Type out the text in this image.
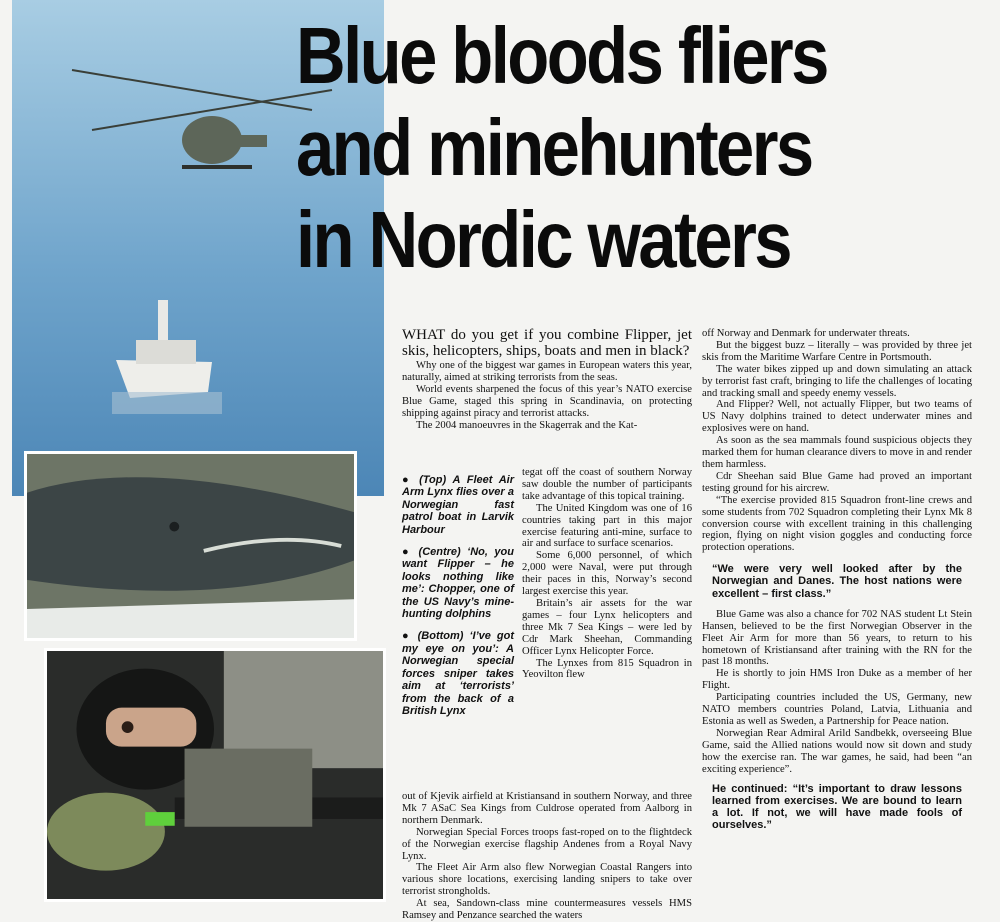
Blue bloods fliers
and minehunters
in Nordic waters

WHAT do you get if you combine Flipper, jet skis, helicopters, ships, boats and men in black?

Why one of the biggest war games in European waters this year, naturally, aimed at striking terrorists from the seas.

World events sharpened the focus of this year’s NATO exercise Blue Game, staged this spring in Scandinavia, on protecting shipping against piracy and terrorist attacks.

The 2004 manoeuvres in the Skagerrak and the Kat-

● (Top) A Fleet Air Arm Lynx flies over a Norwegian fast patrol boat in Larvik Harbour

● (Centre) ‘No, you want Flipper – he looks nothing like me’: Chopper, one of the US Navy’s mine-hunting dolphins

● (Bottom) ‘I’ve got my eye on you’: A Norwegian special forces sniper takes aim at ‘terrorists’ from the back of a British Lynx

tegat off the coast of southern Norway saw double the number of participants take advantage of this topical training.

The United Kingdom was one of 16 countries taking part in this major exercise featuring anti-mine, surface to air and surface to surface scenarios.

Some 6,000 personnel, of which 2,000 were Naval, were put through their paces in this, Norway’s second largest exercise this year.

Britain’s air assets for the war games – four Lynx helicopters and three Mk 7 Sea Kings – were led by Cdr Mark Sheehan, Commanding Officer Lynx Helicopter Force.

The Lynxes from 815 Squadron in Yeovilton flew

out of Kjevik airfield at Kristiansand in southern Norway, and three Mk 7 ASaC Sea Kings from Culdrose operated from Aalborg in northern Denmark.

Norwegian Special Forces troops fast-roped on to the flightdeck of the Norwegian exercise flagship Andenes from a Royal Navy Lynx.

The Fleet Air Arm also flew Norwegian Coastal Rangers into various shore locations, exercising landing snipers to take over terrorist strongholds.

At sea, Sandown-class mine countermeasures vessels HMS Ramsey and Penzance searched the waters

off Norway and Denmark for underwater threats.

But the biggest buzz – literally – was provided by three jet skis from the Maritime Warfare Centre in Portsmouth.

The water bikes zipped up and down simulating an attack by terrorist fast craft, bringing to life the challenges of locating and tracking small and speedy enemy vessels.

And Flipper? Well, not actually Flipper, but two teams of US Navy dolphins trained to detect underwater mines and explosives were on hand.

As soon as the sea mammals found suspicious objects they marked them for human clearance divers to move in and render them harmless.

Cdr Sheehan said Blue Game had proved an important testing ground for his aircrew.

“The exercise provided 815 Squadron front-line crews and some students from 702 Squadron completing their Lynx Mk 8 conversion course with excellent training in this challenging region, flying on night vision goggles and conducting force protection operations.

“We were very well looked after by the Norwegian and Danes. The host nations were excellent – first class.”

Blue Game was also a chance for 702 NAS student Lt Stein Hansen, believed to be the first Norwegian Observer in the Fleet Air Arm for more than 56 years, to return to his hometown of Kristiansand after training with the RN for the past 18 months.

He is shortly to join HMS Iron Duke as a member of her Flight.

Participating countries included the US, Germany, new NATO members countries Poland, Latvia, Lithuania and Estonia as well as Sweden, a Partnership for Peace nation.

Norwegian Rear Admiral Arild Sandbekk, overseeing Blue Game, said the Allied nations would now sit down and study how the exercise ran. The war games, he said, had been “an exciting experience”.

He continued: “It’s important to draw lessons learned from exercises. We are bound to learn a lot. If not, we will have made fools of ourselves.”
